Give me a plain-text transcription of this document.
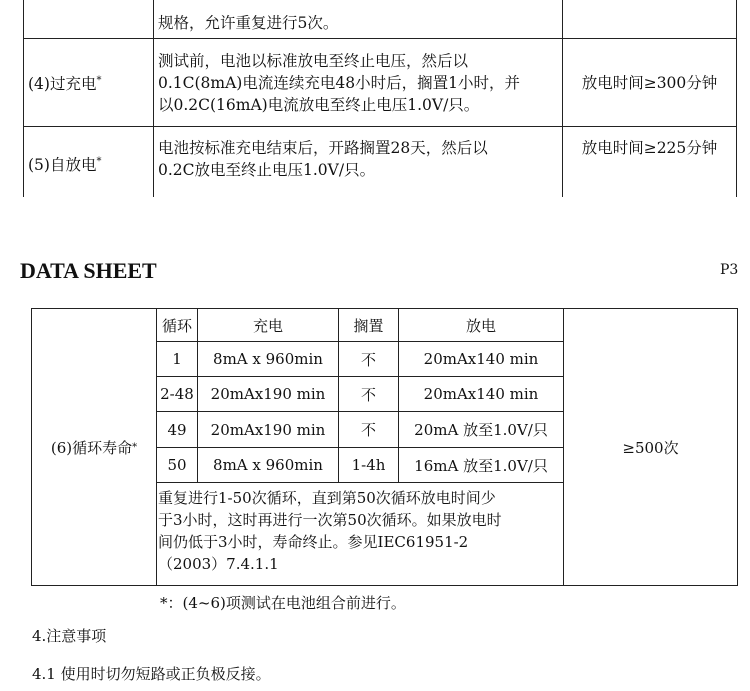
	规格，允许重复进行5次。	

(4)过充电*	测试前，电池以标准放电至终止电压，然后以
0.1C(8mA)电流连续充电48小时后，搁置1小时，并
以0.2C(16mA)电流放电至终止电压1.0V/只。	放电时间≥300分钟
(5)自放电*	电池按标准充电结束后，开路搁置28天，然后以
0.2C放电至终止电压1.0V/只。	放电时间≥225分钟
DATA SHEET	P3
(6)循环寿命 *	≥500次
循环	充电	搁置	放电
1	8mA x 960min	不	20mAx140 min
2-48	20mAx190 min	不	20mAx140 min
49	20mAx190 min	不	20mA 放至1.0V/只
50	8mA x 960min	1-4h	16mA 放至1.0V/只
重复进行1-50次循环，直到第50次循环放电时间少
于3小时，这时再进行一次第50次循环。如果放电时
间仍低于3小时，寿命终止。参见IEC61951-2
（2003）7.4.1.1
*：(4~6)项测试在电池组合前进行。
4.注意事项
4.1 使用时切勿短路或正负极反接。
